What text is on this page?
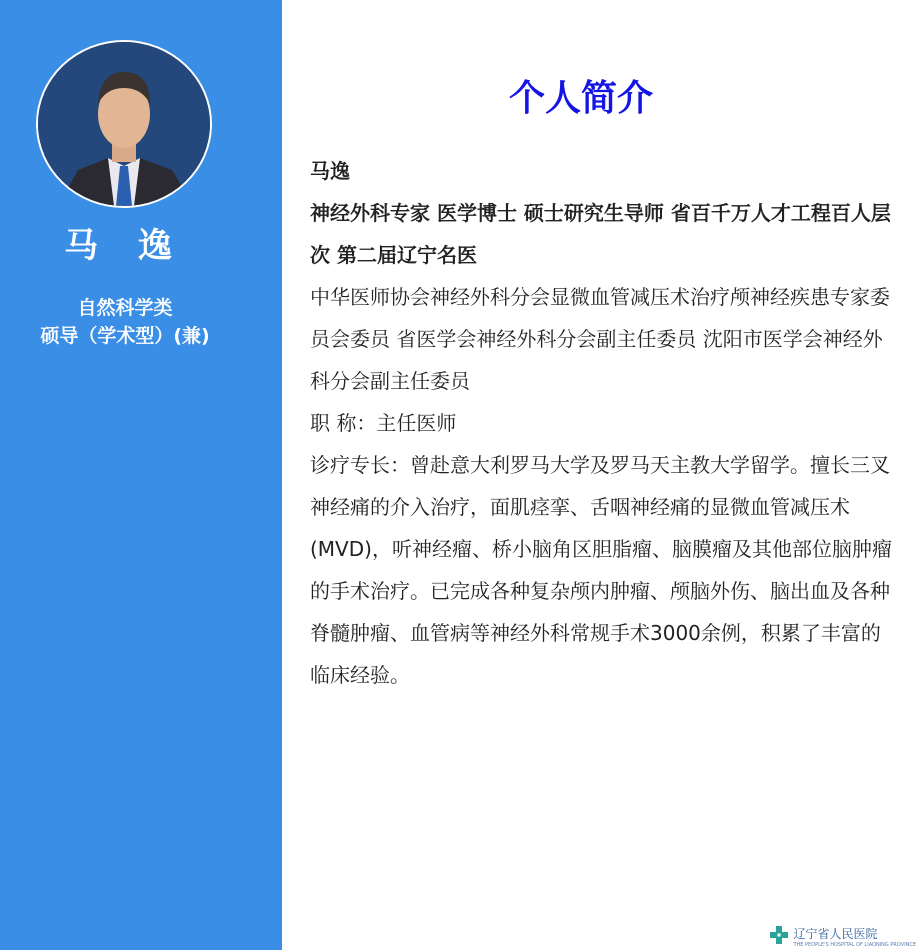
马 逸
自然科学类
硕导（学术型）(兼)
个人简介

马逸

神经外科专家 医学博士 硕士研究生导师 省百千万人才工程百人层次 第二届辽宁名医

中华医师协会神经外科分会显微血管减压术治疗颅神经疾患专家委员会委员 省医学会神经外科分会副主任委员 沈阳市医学会神经外科分会副主任委员

职 称：主任医师

诊疗专长：曾赴意大利罗马大学及罗马天主教大学留学。擅长三叉神经痛的介入治疗，面肌痉挛、舌咽神经痛的显微血管减压术(MVD)，听神经瘤、桥小脑角区胆脂瘤、脑膜瘤及其他部位脑肿瘤的手术治疗。已完成各种复杂颅内肿瘤、颅脑外伤、脑出血及各种脊髓肿瘤、血管病等神经外科常规手术3000余例，积累了丰富的临床经验。

辽宁省人民医院
THE PEOPLE'S HOSPITAL OF LIAONING PROVINCE
